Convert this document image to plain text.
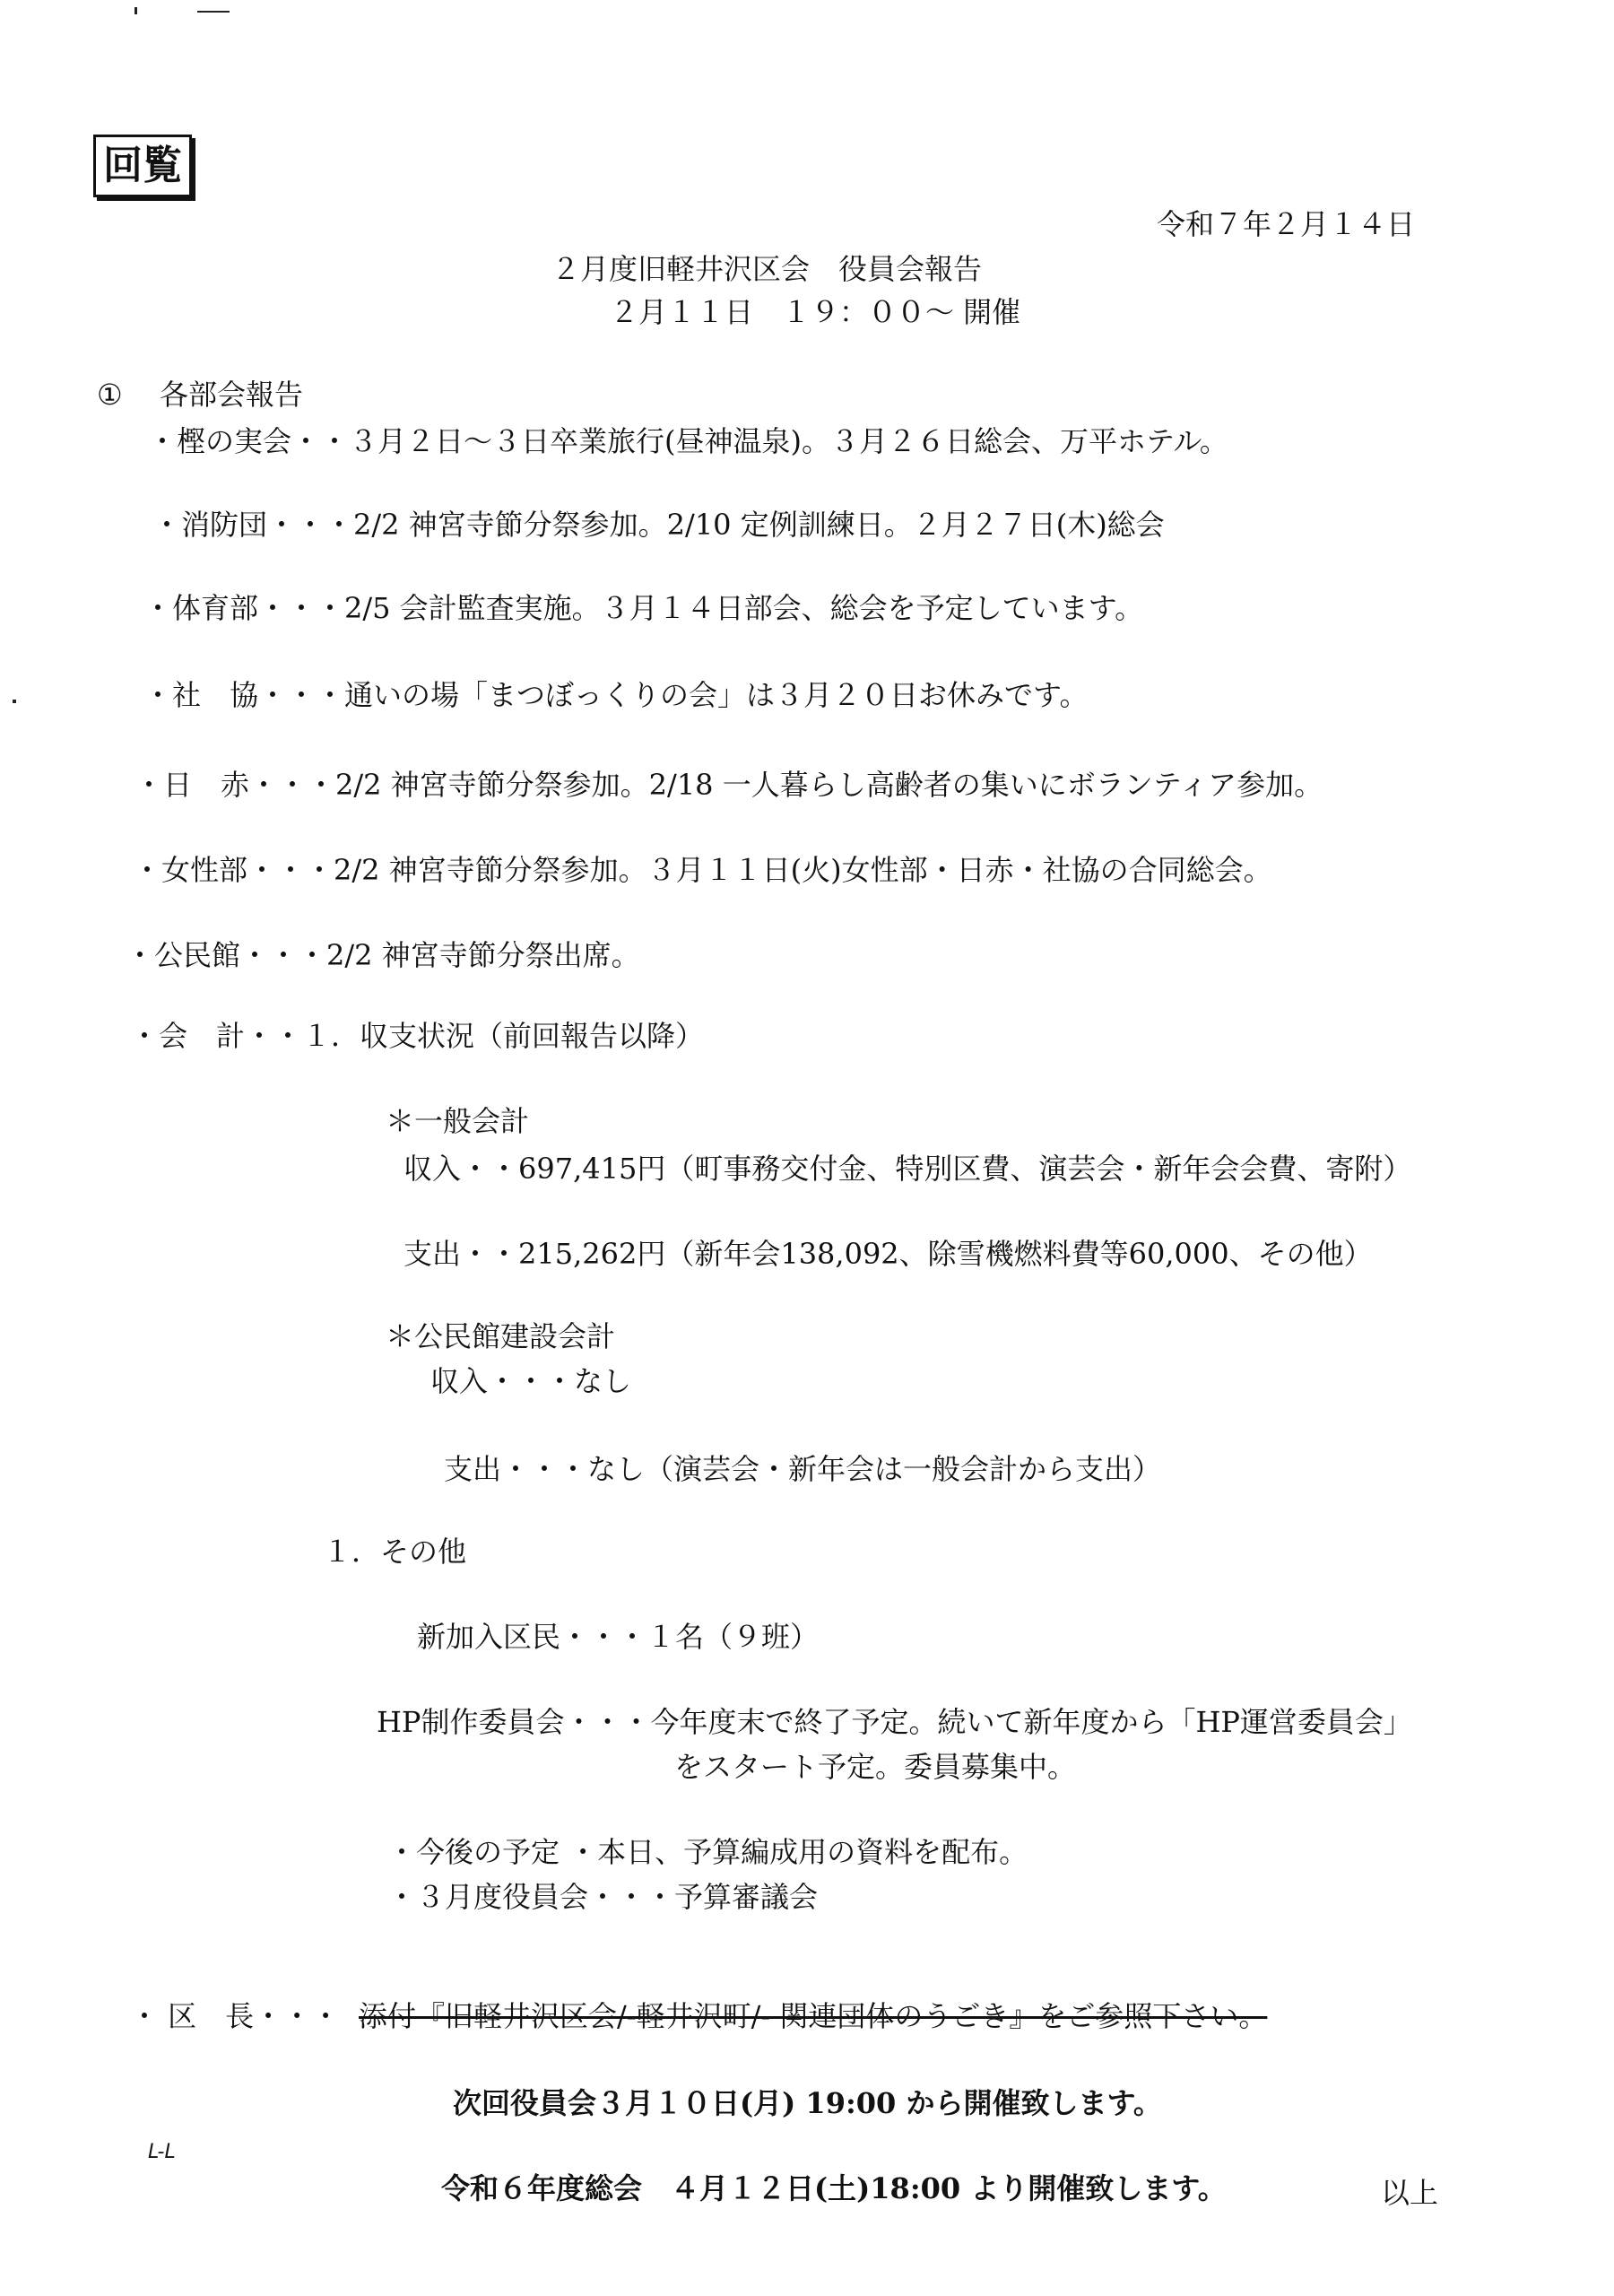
回覧
令和７年２月１４日
２月度旧軽井沢区会　役員会報告
２月１１日　１９：００～ 開催
① 各部会報告
・樫の実会・・３月２日～３日卒業旅行(昼神温泉)。３月２６日総会、万平ホテル。
・消防団・・・2/2 神宮寺節分祭参加。2/10 定例訓練日。２月２７日(木)総会
・体育部・・・2/5 会計監査実施。３月１４日部会、総会を予定しています。
・社　協・・・通いの場「まつぼっくりの会」は３月２０日お休みです。
・日　赤・・・2/2 神宮寺節分祭参加。2/18 一人暮らし高齢者の集いにボランティア参加。
・女性部・・・2/2 神宮寺節分祭参加。３月１１日(火)女性部・日赤・社協の合同総会。
・公民館・・・2/2 神宮寺節分祭出席。
・会　計・・１．収支状況（前回報告以降）
＊一般会計
収入・・697,415円（町事務交付金、特別区費、演芸会・新年会会費、寄附）
支出・・215,262円（新年会138,092、除雪機燃料費等60,000、その他）
＊公民館建設会計
収入・・・なし
支出・・・なし（演芸会・新年会は一般会計から支出）
１．その他
新加入区民・・・１名（９班）
HP制作委員会・・・今年度末で終了予定。続いて新年度から「HP運営委員会」
をスタート予定。委員募集中。
・今後の予定 ・本日、予算編成用の資料を配布。
・３月度役員会・・・予算審議会
・ 区　長・・・ 添付『旧軽井沢区会/‐軽井沢町/‐ 関連団体のうごき』をご参照下さい。
次回役員会３月１０日(月) 19:00 から開催致します。
L-L
令和６年度総会　４月１２日(土)18:00 より開催致します。	以上
